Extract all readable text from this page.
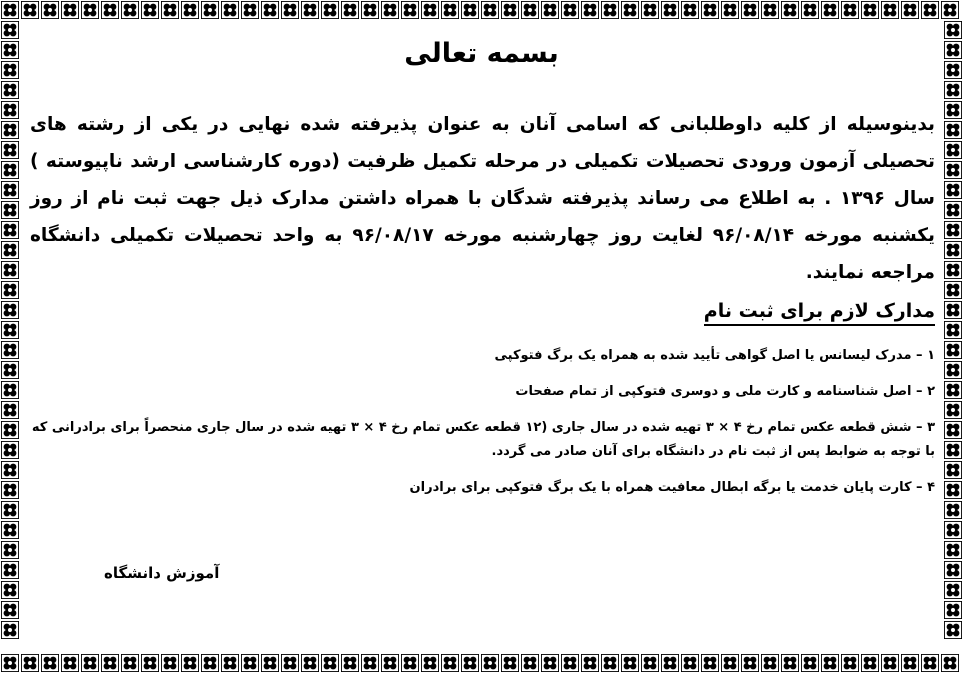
بسمه تعالی

بدینوسیله از کلیه داوطلبانی که اسامی آنان به عنوان پذیرفته شده نهایی در یکی از رشته های تحصیلی آزمون ورودی تحصیلات تکمیلی در مرحله تکمیل ظرفیت (دوره کارشناسی ارشد ناپیوسته ) سال ۱۳۹۶ . به اطلاع می رساند پذیرفته شدگان با همراه داشتن مدارک ذیل جهت ثبت نام از روز یکشنبه مورخه ۹۶/۰۸/۱۴ لغایت روز چهارشنبه مورخه ۹۶/۰۸/۱۷ به واحد تحصیلات تکمیلی دانشگاه مراجعه نمایند.

مدارک لازم برای ثبت نام
۱ – مدرک لیسانس یا اصل گواهی تأیید شده به همراه یک برگ فتوکپی
۲ – اصل شناسنامه و کارت ملی و دوسری فتوکپی از تمام صفحات
۳ – شش قطعه عکس تمام رخ ۴ × ۳ تهیه شده در سال جاری (۱۲ قطعه عکس تمام رخ ۴ × ۳ تهیه شده در سال جاری منحصراً برای برادرانی که با توجه به ضوابط پس از ثبت نام در دانشگاه برای آنان صادر می گردد.
۴ – کارت پایان خدمت یا برگه ابطال معافیت همراه با یک برگ فتوکپی برای برادران
آموزش دانشگاه
